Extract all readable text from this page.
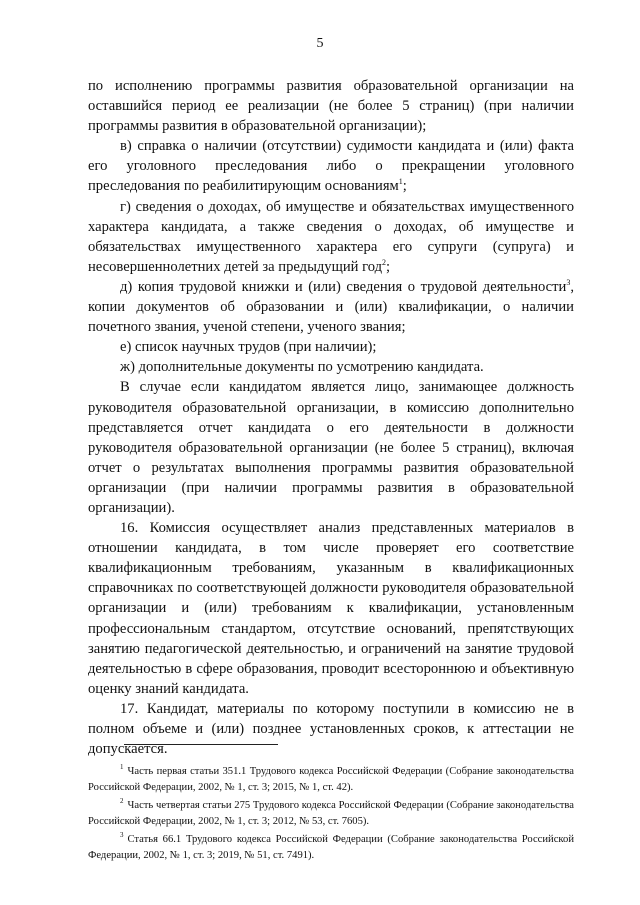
5

по исполнению программы развития образовательной организации на оставшийся период ее реализации (не более 5 страниц) (при наличии программы развития в образовательной организации);

в) справка о наличии (отсутствии) судимости кандидата и (или) факта его уголовного преследования либо о прекращении уголовного преследования по реабилитирующим основаниям$^1$;

г) сведения о доходах, об имуществе и обязательствах имущественного характера кандидата, а также сведения о доходах, об имуществе и обязательствах имущественного характера его супруги (супруга) и несовершеннолетних детей за предыдущий год$^2$;

д) копия трудовой книжки и (или) сведения о трудовой деятельности$^3$, копии документов об образовании и (или) квалификации, о наличии почетного звания, ученой степени, ученого звания;

е) список научных трудов (при наличии);

ж) дополнительные документы по усмотрению кандидата.

В случае если кандидатом является лицо, занимающее должность руководителя образовательной организации, в комиссию дополнительно представляется отчет кандидата о его деятельности в должности руководителя образовательной организации (не более 5 страниц), включая отчет о результатах выполнения программы развития образовательной организации (при наличии программы развития в образовательной организации).

16. Комиссия осуществляет анализ представленных материалов в отношении кандидата, в том числе проверяет его соответствие квалификационным требованиям, указанным в квалификационных справочниках по соответствующей должности руководителя образовательной организации и (или) требованиям к квалификации, установленным профессиональным стандартом, отсутствие оснований, препятствующих занятию педагогической деятельностью, и ограничений на занятие трудовой деятельностью в сфере образования, проводит всестороннюю и объективную оценку знаний кандидата.

17. Кандидат, материалы по которому поступили в комиссию не в полном объеме и (или) позднее установленных сроков, к аттестации не допускается.

$^1$ Часть первая статьи 351.1 Трудового кодекса Российской Федерации (Собрание законодательства Российской Федерации, 2002, № 1, ст. 3; 2015, № 1, ст. 42).

$^2$ Часть четвертая статьи 275 Трудового кодекса Российской Федерации (Собрание законодательства Российской Федерации, 2002, № 1, ст. 3; 2012, № 53, ст. 7605).

$^3$ Статья 66.1 Трудового кодекса Российской Федерации (Собрание законодательства Российской Федерации, 2002, № 1, ст. 3; 2019, № 51, ст. 7491).
